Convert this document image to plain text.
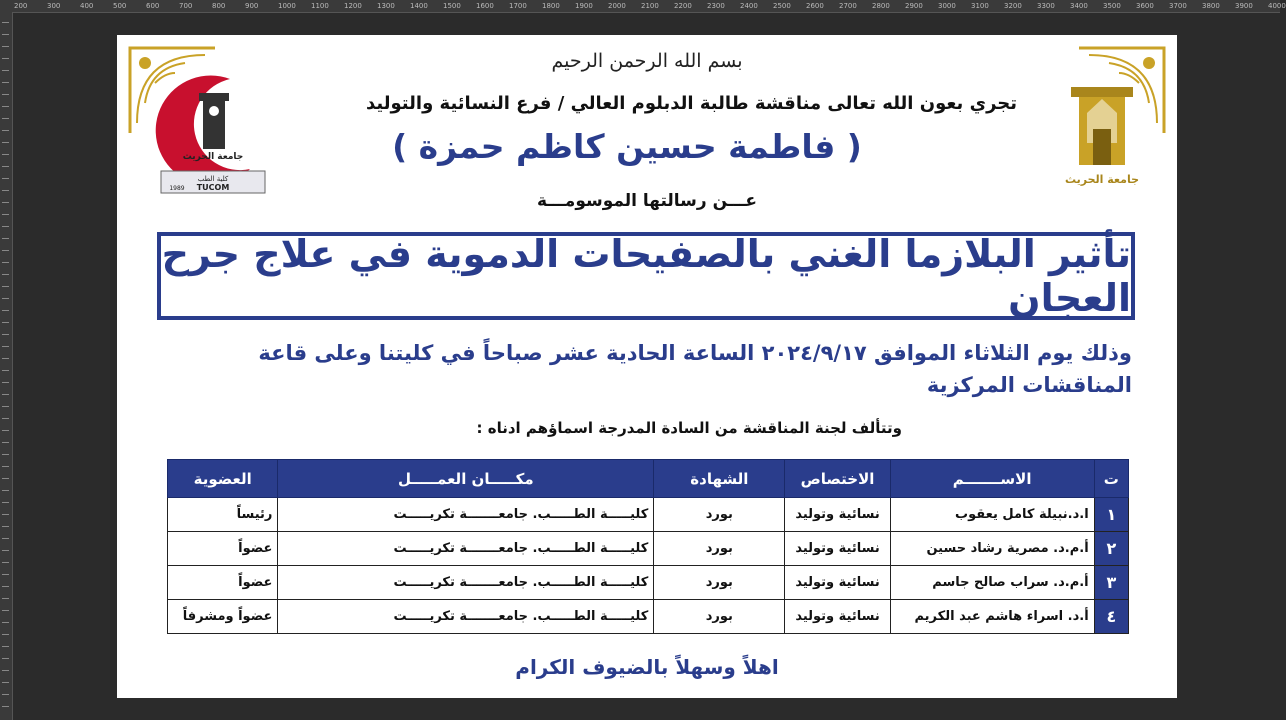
200	300	400	500	600	700	800	900	1000 1100 1200 1300 1400 1500 1600 1700 1800 1900 2000 2100 2200 2300 2400 2500 2600 2700 2800 2900 3000 3100 3200 3300 3400 3500 3600 3700 3800 3900 4000
بسم الله الرحمن الرحيم
جامعة الحريث
كلية الطب
TUCOM
1989
جامعة الحريث
تجري بعون الله تعالى مناقشة طالبة الدبلوم العالي / فرع النسائية والتوليد
( فاطمة حسين كاظم حمزة )
عـــن رسالتها الموسومـــة
تأثير البلازما الغني بالصفيحات الدموية في علاج جرح العجان
وذلك يوم الثلاثاء الموافق ٢٠٢٤/٩/١٧ الساعة الحادية عشر صباحاً في كليتنا وعلى قاعة المناقشات المركزية
وتتألف لجنة المناقشة من السادة المدرجة اسماؤهم ادناه :
ت	الاســـــــم	الاختصاص	الشهادة	مكـــــان العمـــــل	العضوية
١	ا.د.نبيلة كامل يعقوب	نسائية وتوليد	بورد	كليـــــة الطـــــب. جامعـــــــة تكريـــــت	رئيساً
٢	أ.م.د. مصرية رشاد حسين	نسائية وتوليد	بورد	كليـــــة الطـــــب. جامعـــــــة تكريـــــت	عضواً
٣	أ.م.د. سراب صالح جاسم	نسائية وتوليد	بورد	كليـــــة الطـــــب. جامعـــــــة تكريـــــت	عضواً
٤	أ.د. اسراء هاشم عبد الكريم	نسائية وتوليد	بورد	كليـــــة الطـــــب. جامعـــــــة تكريـــــت	عضواً ومشرفاً
اهلاً وسهلاً بالضيوف الكرام
